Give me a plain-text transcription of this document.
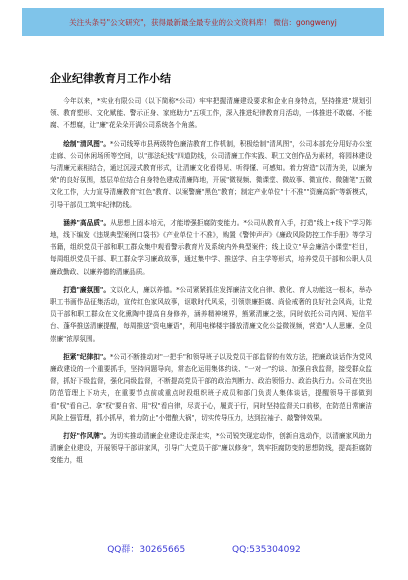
关注头条号"公文研究"，获得最新最全最专业的公文资料库！ 微信：gongwenyj
企业纪律教育月工作小结

今年以来，*实业有限公司（以下简称*公司）牢牢把握清廉建设要求和企业自身特点，坚持推进"规划引领、教育塑形、文化赋能、警示正身、家庭助力"五项工作，深入推进纪律教育月活动，一体推进不敢腐、不能腐、不想腐，让"廉"花朵朵开满公司系统各个角落。

绘制"清风图"。*公司线筹市县两级特色廉洁教育工作机制，积极绘制"清风图"，公司本部充分用好办公室走廊、公司休闲场所等空间，以"那法纪线"四道防线，公司清廉工作实践、职工文创作品为素材，将园林建设与清廉元素相结合，通过沉浸式教育形式，让清廉文化看得见、听得懂、可感知。着力营造"以清为美，以廉为荣"的良好氛围，基层单位结合自身特色建成清廉阵地，开展"微视频、微课堂、微故事、微宣传、微随笔"五微文化工作，大力宣导清廉教育"红色"教育、以案警廉"黑色"教育；制定产业单位"十不准""资廉高新"等新模式，引导干部员工筑牢纪律防线。

涵养"高品质"。从思想上固本培元，才能增强拒腐防变能力。*公司从教育入手，打造"线上+线下"学习阵地，线下编发《违规典型案例口袋书》《产业单位十不准》，购置《警钟声声》《廉政风险防控工作手册》等学习书籍，组织党员干部和职工群众集中观看警示教育片及系统内外典型案件；线上设立"早会廉洁小课堂"栏目，每周组织党员干部、职工群众学习廉政故事，通过集中学、推送学、自主学等形式，培养党员干部和公职人员廉政勤政、以廉养德的清廉品质。

打造"廉氛围"。文以化人，廉以养德。*公司紧紧抓住发挥廉洁文化自律、教化、育人功能这一根本，举办职工书画作品征集活动，宣传红色家风故事，讴歌时代风采，引领崇廉拒腐、尚俭戒奢的良好社会风尚，让党员干部和职工群众在文化熏陶中提高自身修养，涵养精神境界，熊紧清廉之弦，同时依托公司内网、短信平台、蓬华推送清廉提醒，每周推送"资电廉语"，利用电梯楼宇播放清廉文化公益微视频，营造"人人思廉、全员崇廉"浓厚氛围。

拒紧"纪律扣"。*公司不断推动对"一把手"和领导班子以及党员干部监督的有效方法，把廉政谈话作为党风廉政建设的一个重要抓手，坚持问题导向，常态化运用集体约谈、"一对一"约谈、加强自我监督，接受群众监督，抓好下级监督，强化同级监督，不断提高党员干部的政治判断力、政治领悟力、政治执行力。公司在突出防范管理上下功夫，在重要节点前或重点时段组织班子成员和部门负责人集体谈话，提醒领导干部做到看"权"看自己、拿"权"要自省、用"权"看自律，尽责于心，履责于行，同时坚持监督关口前移，在防范日常廉洁风险上强管理，抓小抓早，着力防止"小错酿大祸"，切实传导压力，达到拉袖子、敲警钟效果。

打好"作风牌"。为切实推动清廉企业建设走深走实，*公司锐突现定动作，创新自选动作，以清廉家风助力清廉企业建设，开展领导干部讲家风，引导广大党员干部"廉以修身"，筑牢拒腐防变的思想防线，提高拒腐防变能力，组

QQ群：30265665	QQ:535304092
